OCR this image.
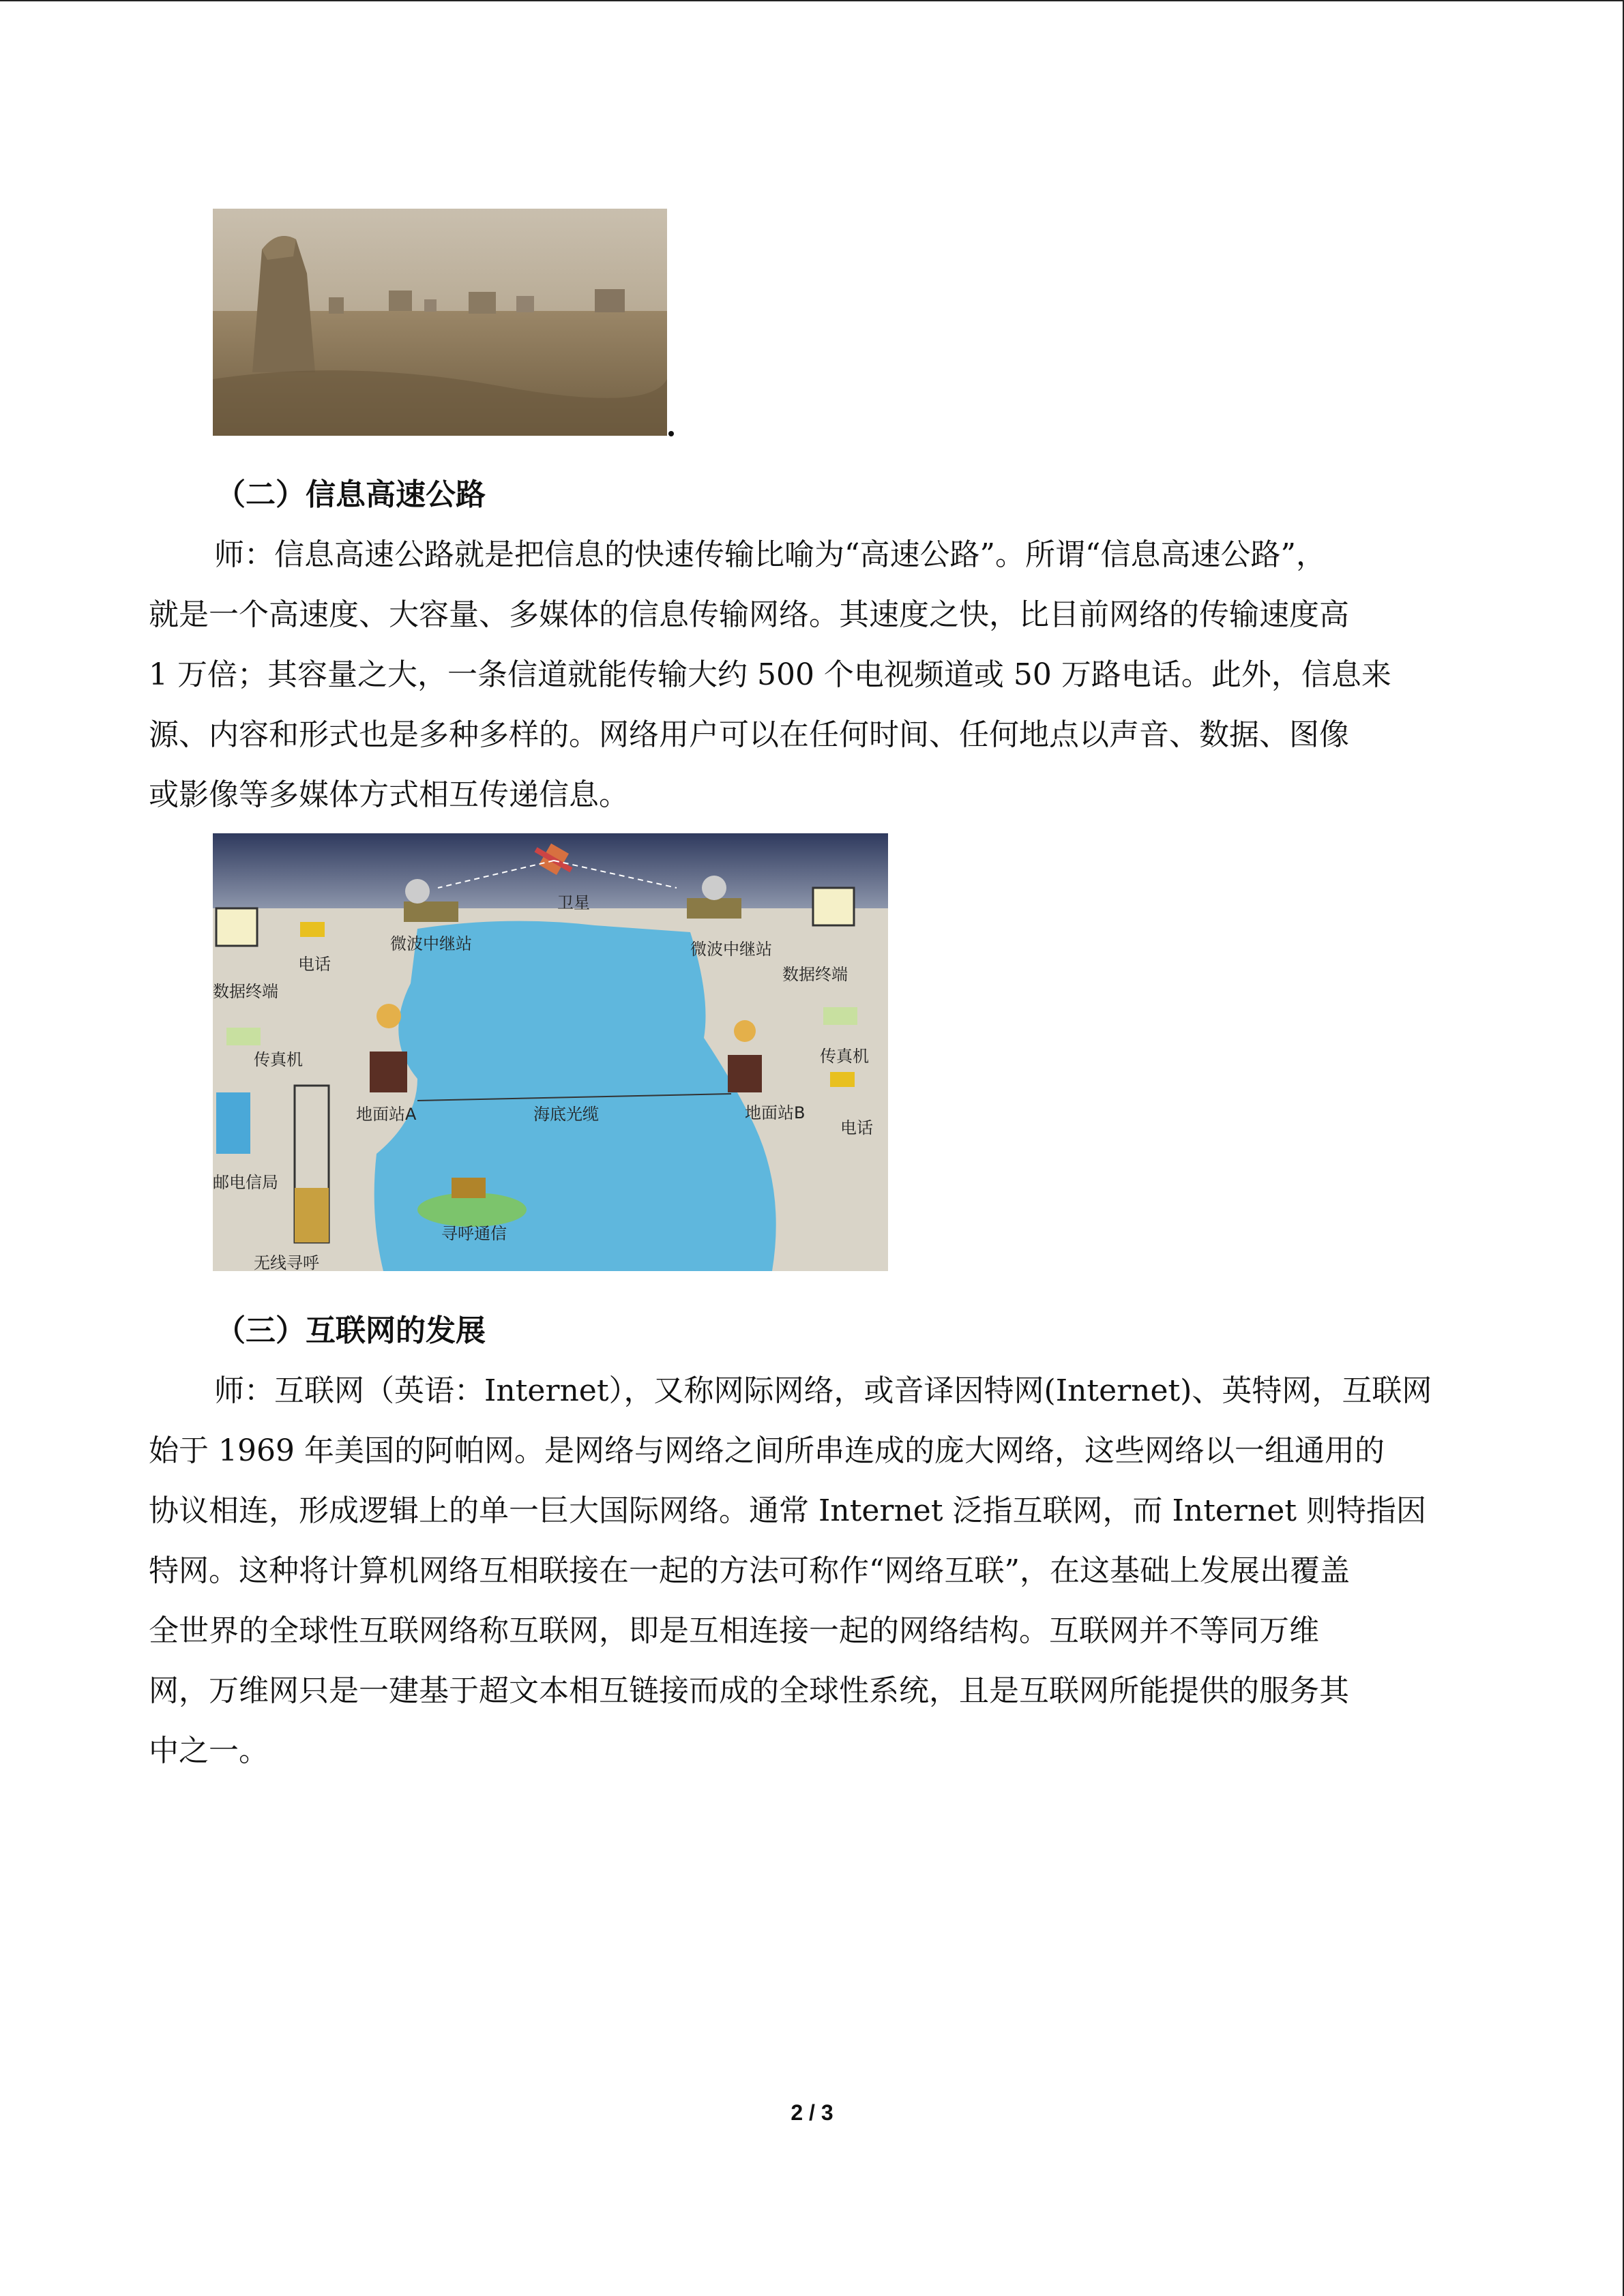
（二）信息高速公路

师：信息高速公路就是把信息的快速传输比喻为“高速公路”。所谓“信息高速公路”，

就是一个高速度、大容量、多媒体的信息传输网络。其速度之快，比目前网络的传输速度高

1 万倍；其容量之大，一条信道就能传输大约 500 个电视频道或 50 万路电话。此外，信息来

源、内容和形式也是多种多样的。网络用户可以在任何时间、任何地点以声音、数据、图像

或影像等多媒体方式相互传递信息。

卫星
微波中继站	微波中继站
电话
数据终端
传真机
地面站A	海底光缆	地面站B
数据终端
传真机
电话
邮电信局
寻呼通信
无线寻呼
（三）互联网的发展

师：互联网（英语：Internet），又称网际网络，或音译因特网(Internet)、英特网，互联网

始于 1969 年美国的阿帕网。是网络与网络之间所串连成的庞大网络，这些网络以一组通用的

协议相连，形成逻辑上的单一巨大国际网络。通常 Internet 泛指互联网，而 Internet 则特指因

特网。这种将计算机网络互相联接在一起的方法可称作“网络互联”，在这基础上发展出覆盖

全世界的全球性互联网络称互联网，即是互相连接一起的网络结构。互联网并不等同万维

网，万维网只是一建基于超文本相互链接而成的全球性系统，且是互联网所能提供的服务其

中之一。

2 / 3
